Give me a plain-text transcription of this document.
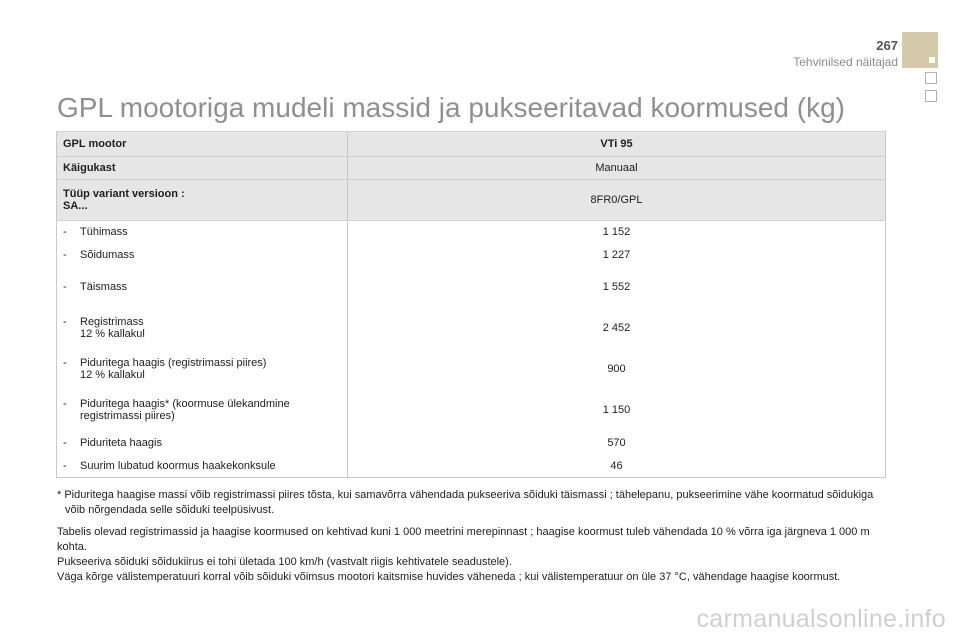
267
Tehvinilsed näitajad
GPL mootoriga mudeli massid ja pukseeritavad koormused (kg)
GPL mootor	VTi 95
Käigukast	Manuaal

Tüüp variant versioon :
SA...	8FR0/GPL
- Tühimass	1 152
- Sõidumass	1 227
- Täismass	1 552
- Registrimass
12 % kallakul	2 452
- Piduritega haagis (registrimassi piires)
12 % kallakul	900
- Piduritega haagis* (koormuse ülekandmine
registrimassi piires)	1 150
- Piduriteta haagis	570
- Suurim lubatud koormus haakekonksule	46

* Piduritega haagise massi võib registrimassi piires tõsta, kui samavõrra vähendada pukseeriva sõiduki täismassi ; tähelepanu, pukseerimine vähe koormatud sõidukiga võib nõrgendada selle sõiduki teelpüsivust.

Tabelis olevad registrimassid ja haagise koormused on kehtivad kuni 1 000 meetrini merepinnast ; haagise koormust tuleb vähendada 10 % võrra iga järgneva 1 000 m kohta.

Pukseeriva sõiduki sõidukiirus ei tohi ületada 100 km/h (vastvalt riigis kehtivatele seadustele).

Väga kõrge välistemperatuuri korral võib sõiduki võimsus mootori kaitsmise huvides väheneda ; kui välistemperatuur on üle 37 °C, vähendage haagise koormust.

carmanualsonline.info
